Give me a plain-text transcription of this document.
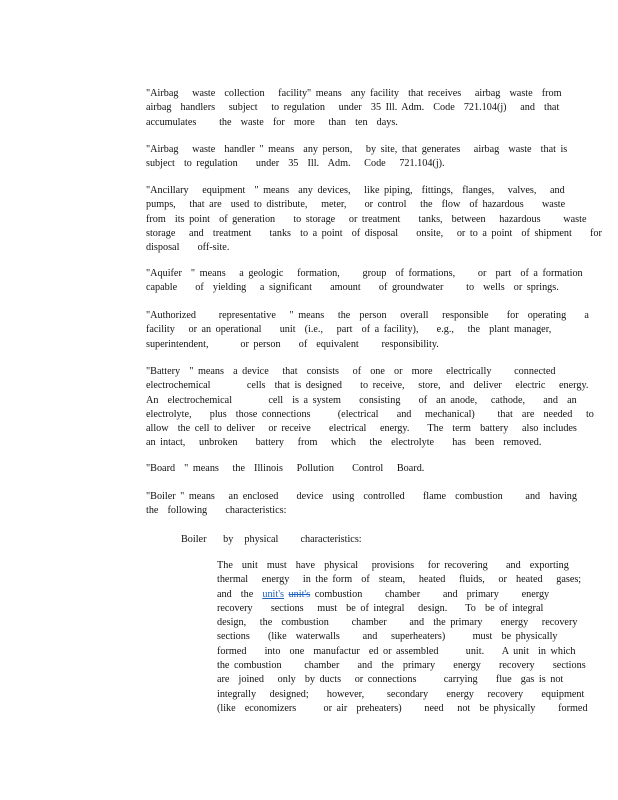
"Airbag   waste  collection   facility" means  any facility  that receives   airbag  waste  from
airbag  handlers   subject   to regulation   under  35 Ill. Adm.  Code  721.104(j)   and  that
accumulates     the  waste  for  more   than  ten  days.
"Airbag   waste  handler " means  any person,   by site, that generates   airbag  waste  that is
subject  to regulation    under  35  Ill.  Adm.   Code   721.104(j).
"Ancillary   equipment  " means  any devices,   like piping,  fittings,  flanges,   valves,   and
pumps,   that are  used to distribute,   meter,    or control   the  flow  of hazardous    waste
from  its point  of generation    to storage   or treatment    tanks,  between   hazardous     waste
storage   and  treatment    tanks  to a point  of disposal    onsite,   or to a point  of shipment    for
disposal    off-site.
"Aquifer  " means   a geologic   formation,     group  of formations,     or  part  of a formation
capable    of  yielding   a significant    amount    of groundwater     to  wells  or springs.
"Authorized     representative   " means   the  person   overall   responsible    for  operating    a
facility   or an operational    unit  (i.e.,   part  of a facility),    e.g.,   the  plant manager,
superintendent,       or person    of  equivalent     responsibility.
"Battery  " means  a device   that  consists   of  one  or  more   electrically     connected
electrochemical        cells  that is designed    to receive,   store,  and  deliver   electric   energy.
An  electrochemical        cell  is a system    consisting    of  an anode,   cathode,    and  an
electrolyte,    plus  those connections      (electrical    and   mechanical)     that  are  needed   to
allow  the cell to deliver   or receive    electrical   energy.    The  term  battery   also includes
an intact,   unbroken    battery   from   which   the  electrolyte    has  been  removed.
"Board  " means   the  Illinois   Pollution    Control   Board.
"Boiler " means   an enclosed    device  using  controlled    flame  combustion     and  having
the  following    characteristics:
Boiler   by  physical    characteristics:
The  unit  must  have  physical   provisions   for recovering    and  exporting
thermal   energy   in the form  of  steam,   heated   fluids,   or  heated   gases;
and  the  unit's unit's combustion     chamber     and  primary     energy
recovery    sections   must  be of integral   design.    To  be of integral
design,   the  combustion     chamber     and  the primary    energy   recovery
sections    (like  waterwalls     and   superheaters)      must  be physically
formed    into  one  manufactur  ed or assembled      unit.    A unit  in which
the combustion     chamber    and  the  primary    energy    recovery    sections
are  joined   only  by ducts   or connections      carrying    flue  gas is not
integrally   designed;    however,     secondary    energy   recovery    equipment
(like  economizers      or air  preheaters)     need   not  be physically     formed
